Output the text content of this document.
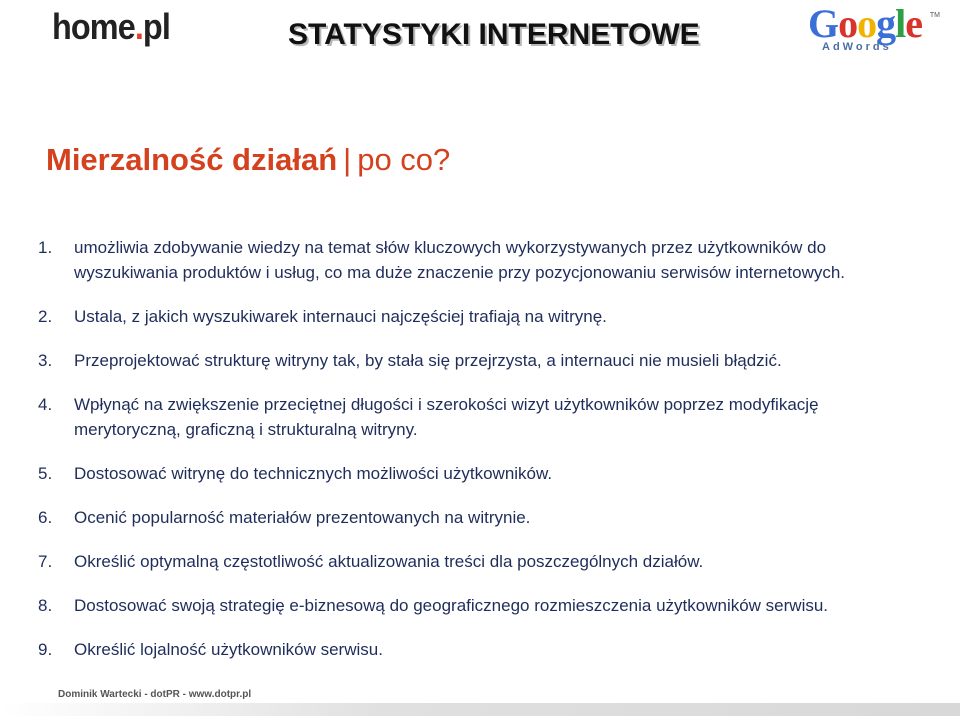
home.pl	STATYSTYKI INTERNETOWE	Google	TM
AdWords
Mierzalność działań | po co?
1. umożliwia zdobywanie wiedzy na temat słów kluczowych wykorzystywanych przez użytkowników do wyszukiwania produktów i usług, co ma duże znaczenie przy pozycjonowaniu serwisów internetowych.
2. Ustala, z jakich wyszukiwarek internauci najczęściej trafiają na witrynę.
3. Przeprojektować strukturę witryny tak, by stała się przejrzysta, a internauci nie musieli błądzić.
4. Wpłynąć na zwiększenie przeciętnej długości i szerokości wizyt użytkowników poprzez modyfikację merytoryczną, graficzną i strukturalną witryny.
5. Dostosować witrynę do technicznych możliwości użytkowników.
6. Ocenić popularność materiałów prezentowanych na witrynie.
7. Określić optymalną częstotliwość aktualizowania treści dla poszczególnych działów.
8. Dostosować swoją strategię e-biznesową do geograficznego rozmieszczenia użytkowników serwisu.
9. Określić lojalność użytkowników serwisu.
Dominik Wartecki - dotPR - www.dotpr.pl
